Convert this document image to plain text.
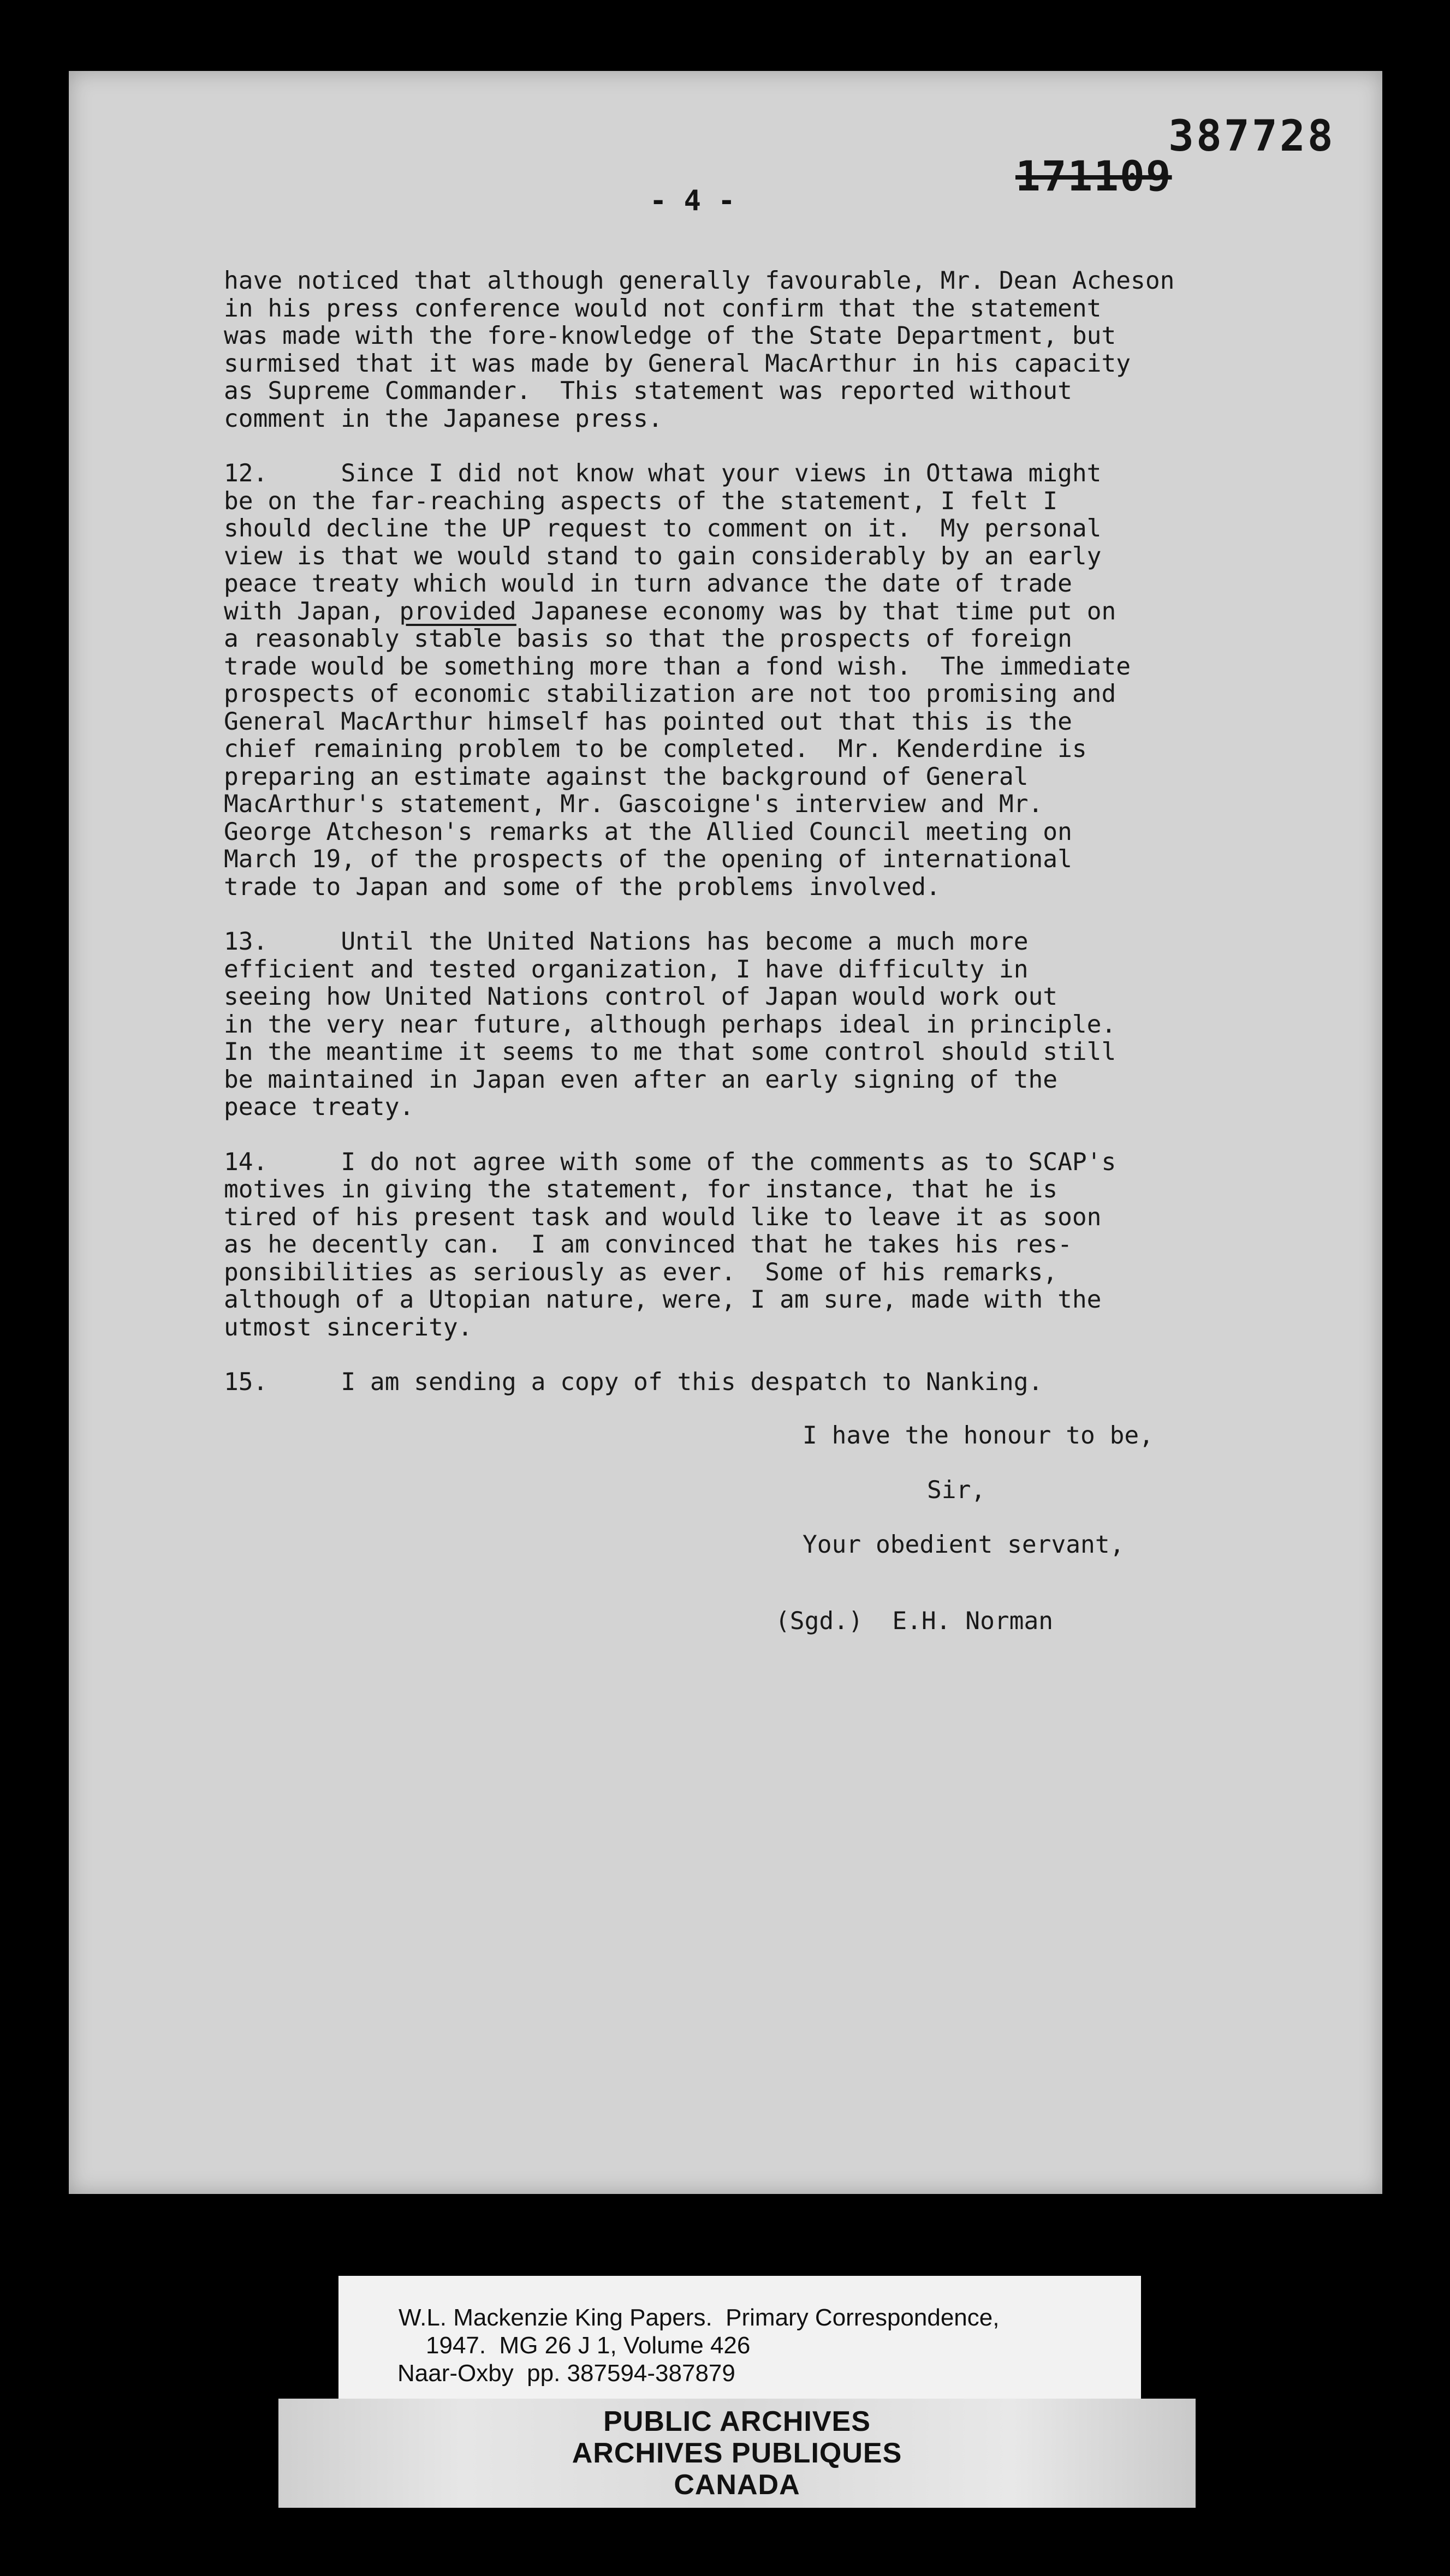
387728
171109
- 4 -
have noticed that although generally favourable, Mr. Dean Acheson
in his press conference would not confirm that the statement
was made with the fore-knowledge of the State Department, but
surmised that it was made by General MacArthur in his capacity
as Supreme Commander.  This statement was reported without
comment in the Japanese press.
12.     Since I did not know what your views in Ottawa might
be on the far-reaching aspects of the statement, I felt I
should decline the UP request to comment on it.  My personal
view is that we would stand to gain considerably by an early
peace treaty which would in turn advance the date of trade
with Japan, provided Japanese economy was by that time put on
a reasonably stable basis so that the prospects of foreign
trade would be something more than a fond wish.  The immediate
prospects of economic stabilization are not too promising and
General MacArthur himself has pointed out that this is the
chief remaining problem to be completed.  Mr. Kenderdine is
preparing an estimate against the background of General
MacArthur's statement, Mr. Gascoigne's interview and Mr.
George Atcheson's remarks at the Allied Council meeting on
March 19, of the prospects of the opening of international
trade to Japan and some of the problems involved.
13.     Until the United Nations has become a much more
efficient and tested organization, I have difficulty in
seeing how United Nations control of Japan would work out
in the very near future, although perhaps ideal in principle.
In the meantime it seems to me that some control should still
be maintained in Japan even after an early signing of the
peace treaty.
14.     I do not agree with some of the comments as to SCAP's
motives in giving the statement, for instance, that he is
tired of his present task and would like to leave it as soon
as he decently can.  I am convinced that he takes his res-
ponsibilities as seriously as ever.  Some of his remarks,
although of a Utopian nature, were, I am sure, made with the
utmost sincerity.
15.     I am sending a copy of this despatch to Nanking.

I have the honour to be,

Sir,

Your obedient servant,

(Sgd.)  E.H. Norman

W.L. Mackenzie King Papers.  Primary Correspondence,
1947.  MG 26 J 1, Volume 426
Naar-Oxby  pp. 387594-387879
PUBLIC ARCHIVES
ARCHIVES PUBLIQUES
CANADA
